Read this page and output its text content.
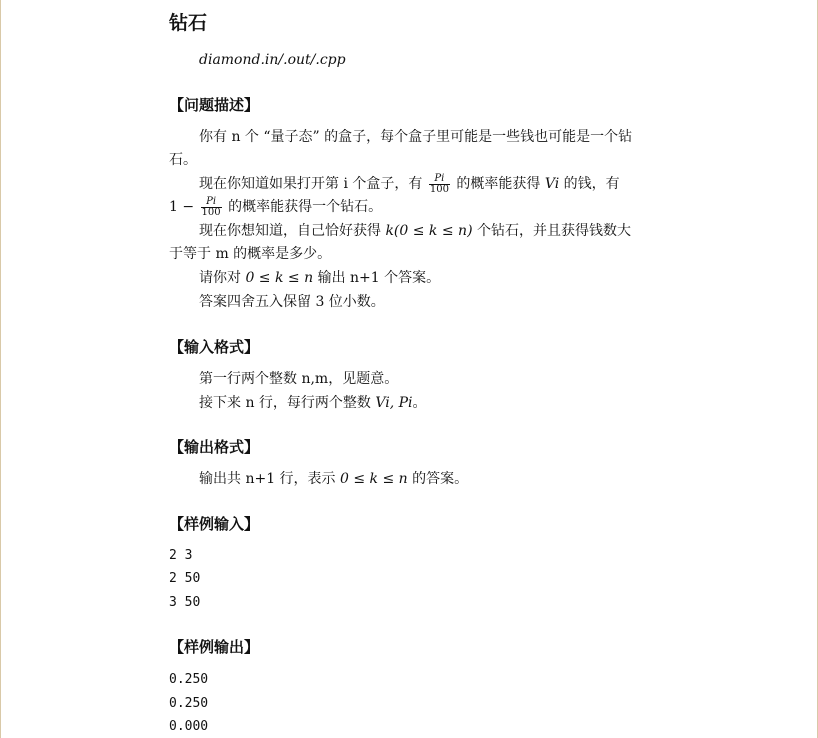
钻石
diamond.in/.out/.cpp
【问题描述】
你有 n 个 “量子态” 的盒子，每个盒子里可能是一些钱也可能是一个钻
石。
现在你知道如果打开第 i 个盒子，有 $\frac{Pi}{100}$ 的概率能获得 Vi 的钱，有
$1 - \frac{Pi}{100}$ 的概率能获得一个钻石。
现在你想知道，自己恰好获得 k(0 ≤ k ≤ n) 个钻石，并且获得钱数大
于等于 m 的概率是多少。
请你对 0 ≤ k ≤ n 输出 n+1 个答案。
答案四舍五入保留 3 位小数。
【输入格式】
第一行两个整数 n,m，见题意。
接下来 n 行，每行两个整数 Vi, Pi。
【输出格式】
输出共 n+1 行，表示 0 ≤ k ≤ n 的答案。
【样例输入】
2 3
2 50
3 50
【样例输出】
0.250
0.250
0.000
